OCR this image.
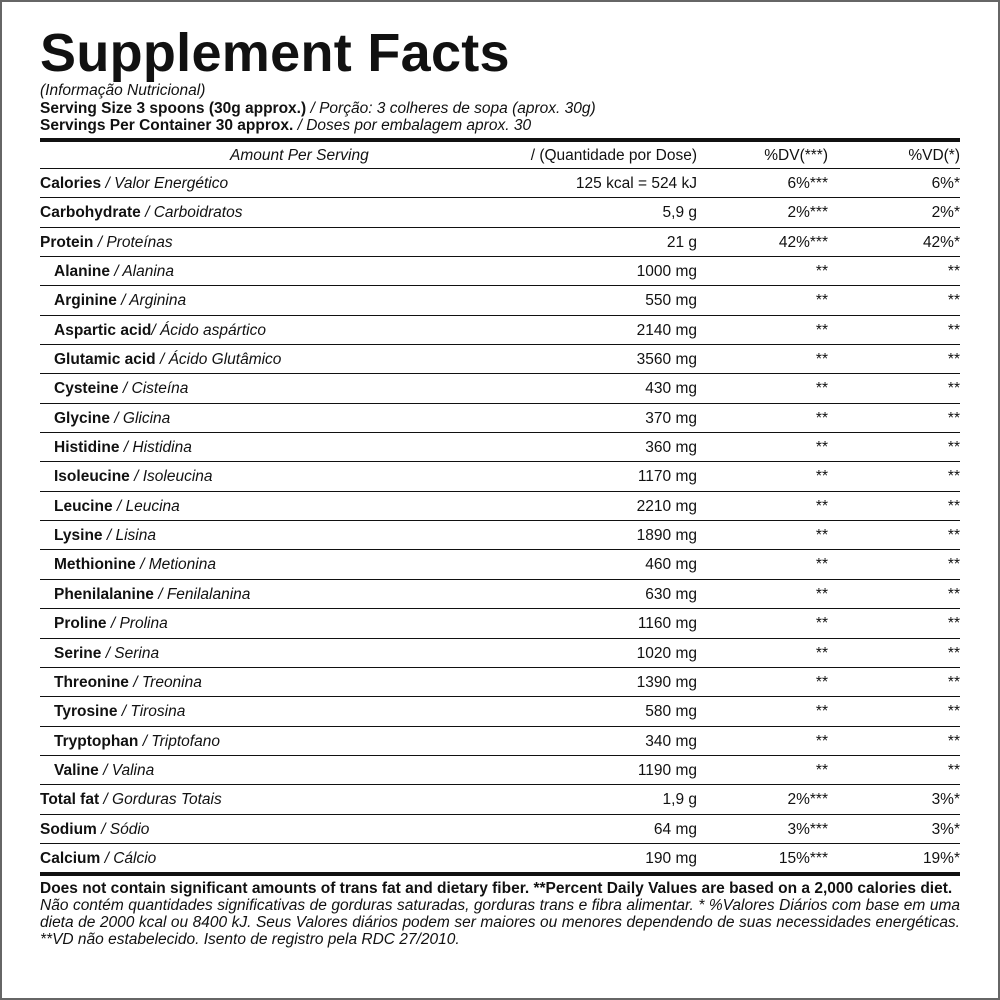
Supplement Facts
(Informação Nutricional)
Serving Size 3 spoons (30g approx.) / Porção: 3 colheres de sopa (aprox. 30g)
Servings Per Container 30 approx. / Doses por embalagem aprox. 30
Amount Per Serving	/ (Quantidade por Dose)	%DV(***)	%VD(*)
Calories / Valor Energético	125 kcal = 524 kJ	6%***	6%*
Carbohydrate / Carboidratos	5,9 g	2%***	2%*
Protein / Proteínas	21 g	42%***	42%*
Alanine / Alanina	1000 mg	**	**
Arginine / Arginina	550 mg	**	**
Aspartic acid/ Ácido aspártico	2140 mg	**	**
Glutamic acid / Ácido Glutâmico	3560 mg	**	**
Cysteine / Cisteína	430 mg	**	**
Glycine / Glicina	370 mg	**	**
Histidine / Histidina	360 mg	**	**
Isoleucine / Isoleucina	1170 mg	**	**
Leucine / Leucina	2210 mg	**	**
Lysine / Lisina	1890 mg	**	**
Methionine / Metionina	460 mg	**	**
Phenilalanine / Fenilalanina	630 mg	**	**
Proline / Prolina	1160 mg	**	**
Serine / Serina	1020 mg	**	**
Threonine / Treonina	1390 mg	**	**
Tyrosine / Tirosina	580 mg	**	**
Tryptophan / Triptofano	340 mg	**	**
Valine / Valina	1190 mg	**	**
Total fat / Gorduras Totais	1,9 g	2%***	3%*
Sodium / Sódio	64 mg	3%***	3%*
Calcium / Cálcio	190 mg	15%***	19%*
Does not contain significant amounts of trans fat and dietary fiber. **Percent Daily Values are based on a 2,000 calories diet.
Não contém quantidades significativas de gorduras saturadas, gorduras trans e fibra alimentar. * %Valores Diários com base em uma dieta de 2000 kcal ou 8400 kJ. Seus Valores diários podem ser maiores ou menores dependendo de suas necessidades energéticas. **VD não estabelecido. Isento de registro pela RDC 27/2010.
